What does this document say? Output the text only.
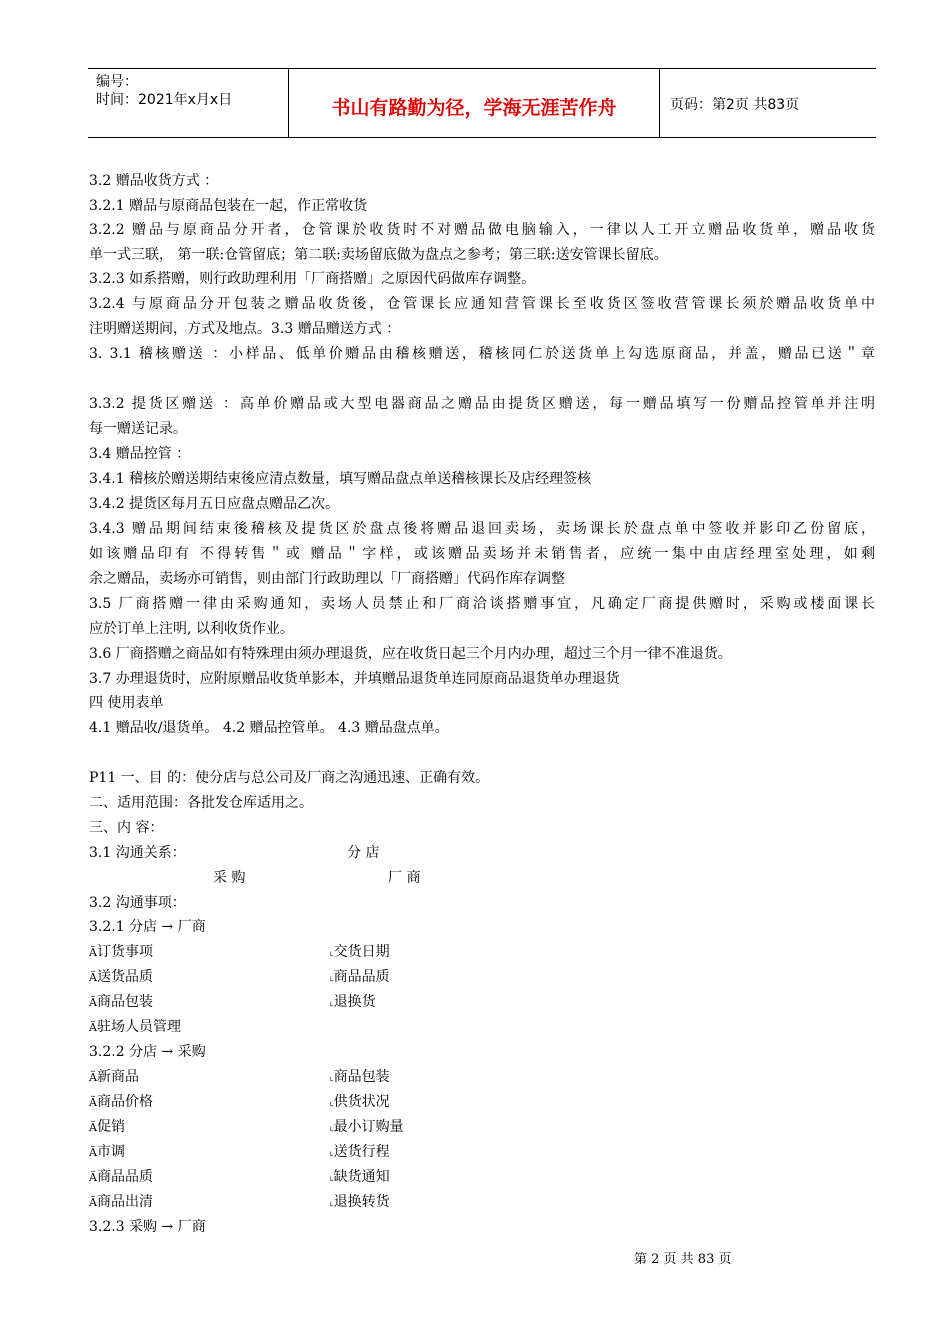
编号：
时间：2021年x月x日	书山有路勤为径，学海无涯苦作舟	页码：第2页 共83页
3.2 赠品收货方式 ：
3.2.1 赠品与原商品包装在一起，作正常收货
3.2.2 赠品与原商品分开者，仓管课於收货时不对赠品做电脑输入，一律以人工开立赠品收货单，赠品收货
单一式三联， 第一联:仓管留底；第二联:卖场留底做为盘点之参考；第三联:送安管课长留底。
3.2.3 如系搭赠，则行政助理利用「厂商搭赠」之原因代码做库存调整。
3.2.4 与原商品分开包装之赠品收货後，仓管课长应通知营管课长至收货区签收营管课长须於赠品收货单中
注明赠送期间，方式及地点。3.3 赠品赠送方式 ：
3. 3.1 稽核赠送 ：小样品、低单价赠品由稽核赠送，稽核同仁於送货单上勾选原商品，并盖，赠品已送＂章
3.3.2 提货区赠送 ：高单价赠品或大型电器商品之赠品由提货区赠送，每一赠品填写一份赠品控管单并注明
每一赠送记录。
3.4 赠品控管 ：
3.4.1 稽核於赠送期结束後应清点数量，填写赠品盘点单送稽核课长及店经理签核
3.4.2 提货区每月五日应盘点赠品乙次。
3.4.3 赠品期间结束後稽核及提货区於盘点後将赠品退回卖场，卖场课长於盘点单中签收并影印乙份留底，
如该赠品印有 不得转售＂或 赠品＂字样，或该赠品卖场并未销售者，应统一集中由店经理室处理，如剩
余之赠品，卖场亦可销售，则由部门行政助理以「厂商搭赠」代码作库存调整
3.5 厂商搭赠一律由采购通知，卖场人员禁止和厂商洽谈搭赠事宜，凡确定厂商提供赠时，采购或楼面课长
应於订单上注明, 以利收货作业。
3.6 厂商搭赠之商品如有特殊理由须办理退货，应在收货日起三个月内办理，超过三个月一律不准退货。
3.7 办理退货时，应附原赠品收货单影本，并填赠品退货单连同原商品退货单办理退货
四 使用表单
4.1 赠品收/退货单。 4.2 赠品控管单。 4.3 赠品盘点单。
P11 一、目 的：使分店与总公司及厂商之沟通迅速、正确有效。
二、适用范围：各批发仓库适用之。
三、内 容：
3.1 沟通关系：	分 店
采 购	厂 商
3.2 沟通事项：
3.2.1 分店 → 厂商
Ä订货事项	˪交货日期
Ä送货品质	˪商品品质
Ä商品包装	˪退换货
Ä驻场人员管理
3.2.2 分店 → 采购
Ä新商品	˪商品包装
Ä商品价格	˪供货状况
Ä促销	˪最小订购量
Ä市调	˪送货行程
Ä商品品质	˪缺货通知
Ä商品出清	˪退换转货
3.2.3 采购 → 厂商
第 2 页 共 83 页
